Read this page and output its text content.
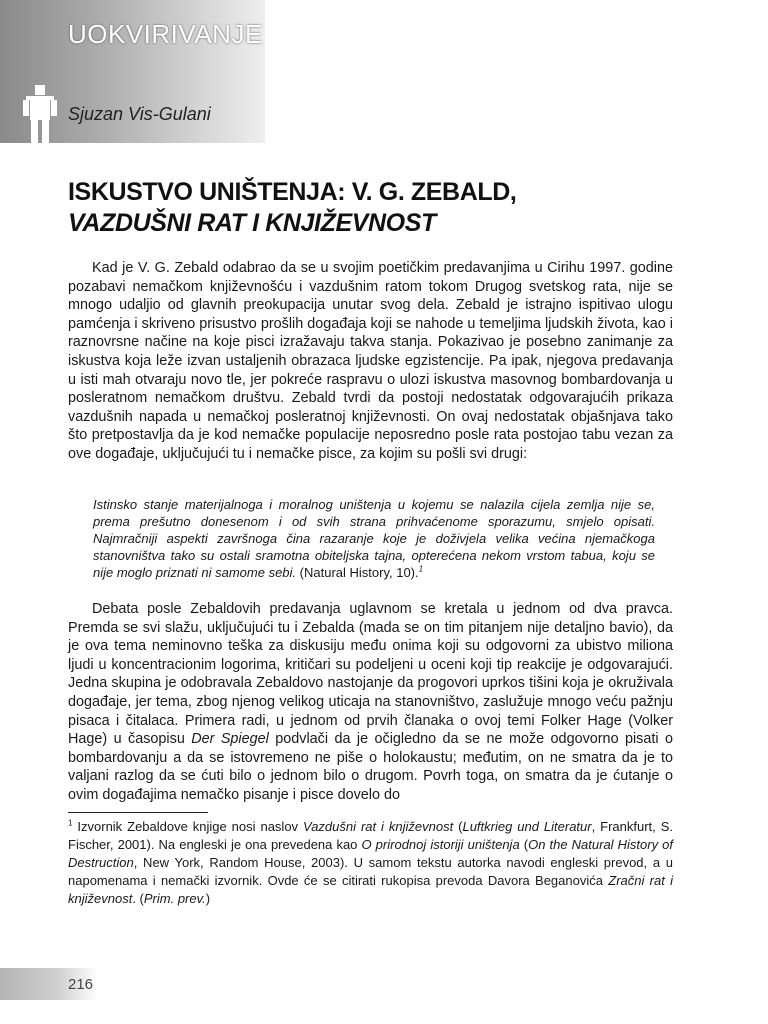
UOKVIRIVANJE
Sjuzan Vis-Gulani
ISKUSTVO UNIŠTENJA: V. G. ZEBALD,
VAZDUŠNI RAT I KNJIŽEVNOST

Kad je V. G. Zebald odabrao da se u svojim poetičkim predavanjima u Cirihu 1997. godine pozabavi nemačkom književnošću i vazdušnim ratom tokom Drugog svetskog rata, nije se mnogo udaljio od glavnih preokupacija unutar svog dela. Zebald je istrajno ispitivao ulogu pamćenja i skriveno prisustvo prošlih događaja koji se nahode u temeljima ljudskih života, kao i raznovrsne načine na koje pisci izražavaju takva stanja. Pokazivao je posebno zanimanje za iskustva koja leže izvan ustaljenih obrazaca ljudske egzistencije. Pa ipak, njegova predavanja u isti mah otvaraju novo tle, jer pokreće raspravu o ulozi iskustva masovnog bombardovanja u posleratnom nemačkom društvu. Zebald tvrdi da postoji nedostatak odgovarajućih prikaza vazdušnih napada u nemačkoj posleratnoj književnosti. On ovaj nedostatak objašnjava tako što pretpostavlja da je kod nemačke populacije neposredno posle rata postojao tabu vezan za ove događaje, uključujući tu i nemačke pisce, za kojim su pošli svi drugi:

Istinsko stanje materijalnoga i moralnog uništenja u kojemu se nalazila cijela zemlja nije se, prema prešutno donesenom i od svih strana prihvaćenome sporazumu, smjelo opisati. Najmračniji aspekti završnoga čina razaranje koje je doživjela velika većina njemačkoga stanovništva tako su ostali sramotna obiteljska tajna, opterećena nekom vrstom tabua, koju se nije moglo priznati ni samome sebi. (Natural History, 10).$^1$

Debata posle Zebaldovih predavanja uglavnom se kretala u jednom od dva pravca. Premda se svi slažu, uključujući tu i Zebalda (mada se on tim pitanjem nije detaljno bavio), da je ova tema neminovno teška za diskusiju među onima koji su odgovorni za ubistvo miliona ljudi u koncentracionim logorima, kritičari su podeljeni u oceni koji tip reakcije je odgovarajući. Jedna skupina je odobravala Zebaldovo nastojanje da progovori uprkos tišini koja je okruživala događaje, jer tema, zbog njenog velikog uticaja na stanovništvo, zaslužuje mnogo veću pažnju pisaca i čitalaca. Primera radi, u jednom od prvih članaka o ovoj temi Folker Hage (Volker Hage) u časopisu Der Spiegel podvlači da je očigledno da se ne može odgovorno pisati o bombardovanju a da se istovremeno ne piše o holokaustu; međutim, on ne smatra da je to valjani razlog da se ćuti bilo o jednom bilo o drugom. Povrh toga, on smatra da je ćutanje o ovim događajima nemačko pisanje i pisce dovelo do

$^1$ Izvornik Zebaldove knjige nosi naslov Vazdušni rat i književnost (Luftkrieg und Literatur, Frankfurt, S. Fischer, 2001). Na engleski je ona prevedena kao O prirodnoj istoriji uništenja (On the Natural History of Destruction, New York, Random House, 2003). U samom tekstu autorka navodi engleski prevod, a u napomenama i nemački izvornik. Ovde će se citirati rukopisa prevoda Davora Beganovića Zračni rat i književnost. (Prim. prev.)

216
